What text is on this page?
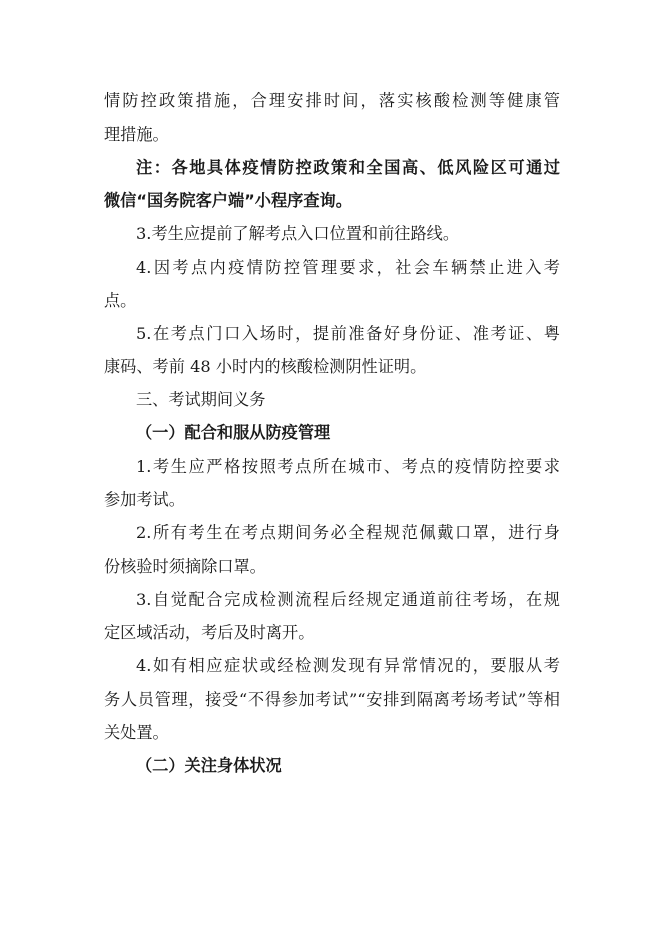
情防控政策措施，合理安排时间，落实核酸检测等健康管
理措施。
注：各地具体疫情防控政策和全国高、低风险区可通过
微信“国务院客户端”小程序查询。
3.考生应提前了解考点入口位置和前往路线。
4.因考点内疫情防控管理要求，社会车辆禁止进入考
点。
5.在考点门口入场时，提前准备好身份证、准考证、粤
康码、考前 48 小时内的核酸检测阴性证明。
三、考试期间义务
（一）配合和服从防疫管理
1.考生应严格按照考点所在城市、考点的疫情防控要求
参加考试。
2.所有考生在考点期间务必全程规范佩戴口罩，进行身
份核验时须摘除口罩。
3.自觉配合完成检测流程后经规定通道前往考场，在规
定区域活动，考后及时离开。
4.如有相应症状或经检测发现有异常情况的，要服从考
务人员管理，接受“不得参加考试”“安排到隔离考场考试”等相
关处置。
（二）关注身体状况
